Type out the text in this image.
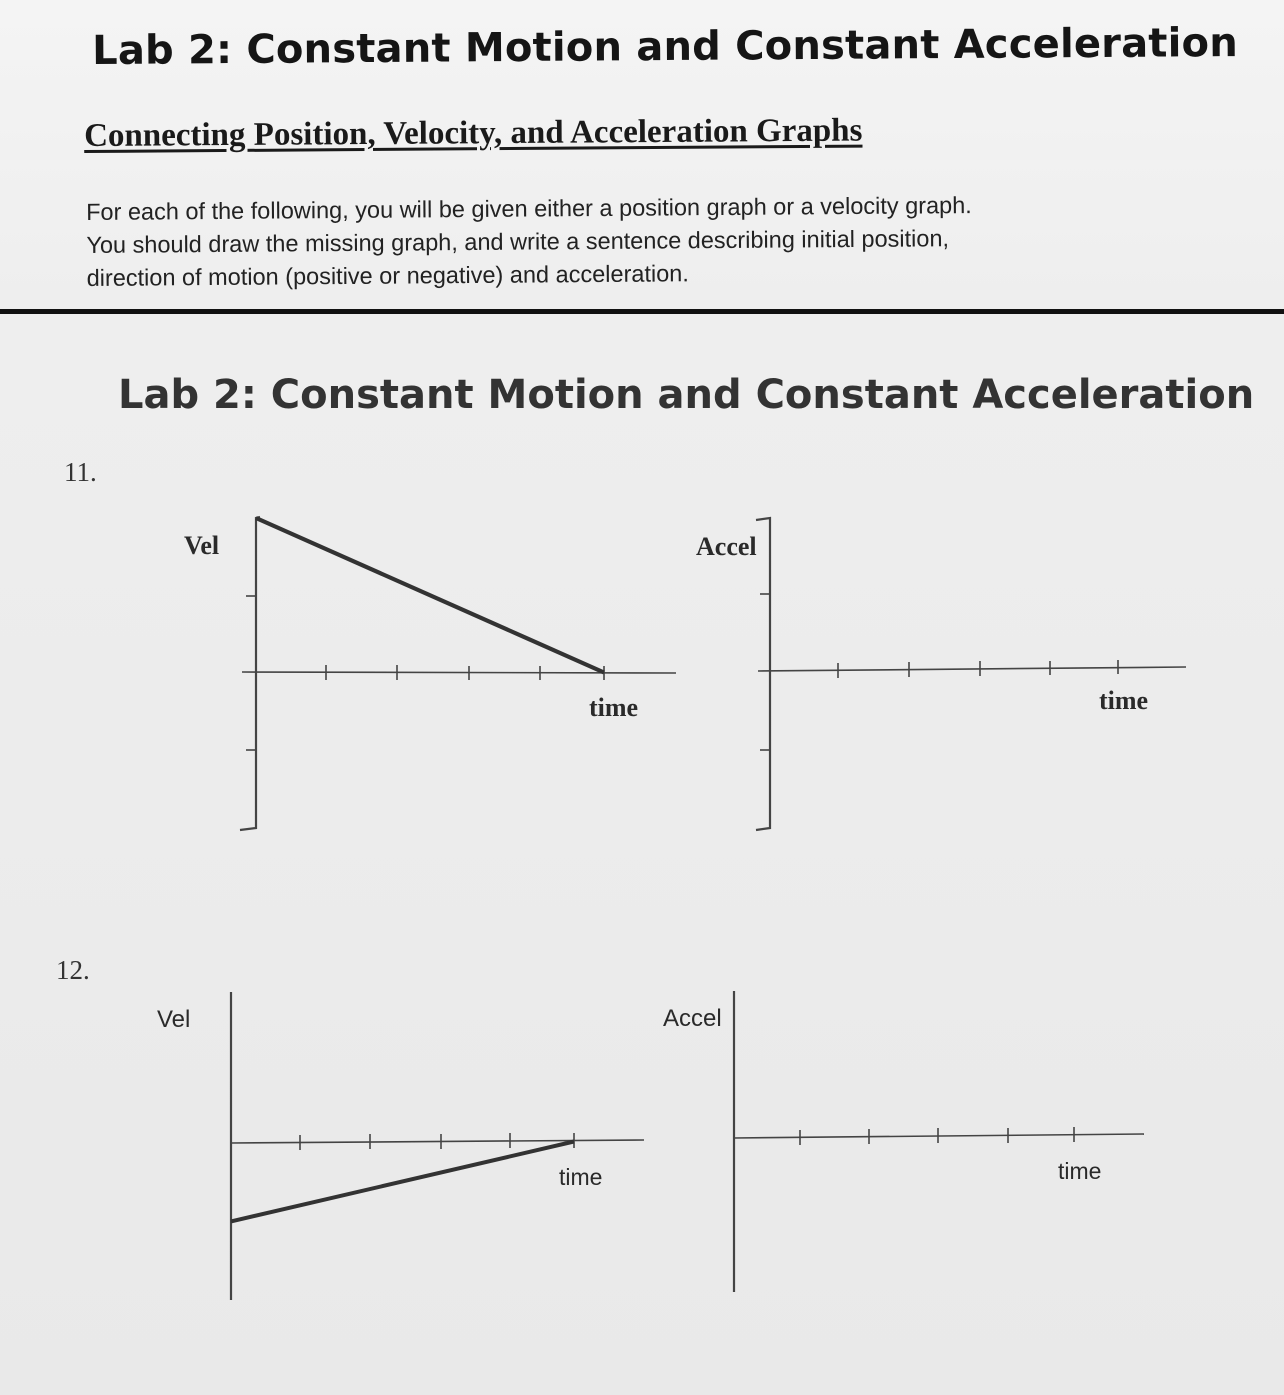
Lab 2: Constant Motion and Constant Acceleration
Connecting Position, Velocity, and Acceleration Graphs
For each of the following, you will be given either a position graph or a velocity graph.
You should draw the missing graph, and write a sentence describing initial position,
direction of motion (positive or negative) and acceleration.
Lab 2: Constant Motion and Constant Acceleration
11.
12.
Vel
time
Accel
time
Vel
time
Accel
time
